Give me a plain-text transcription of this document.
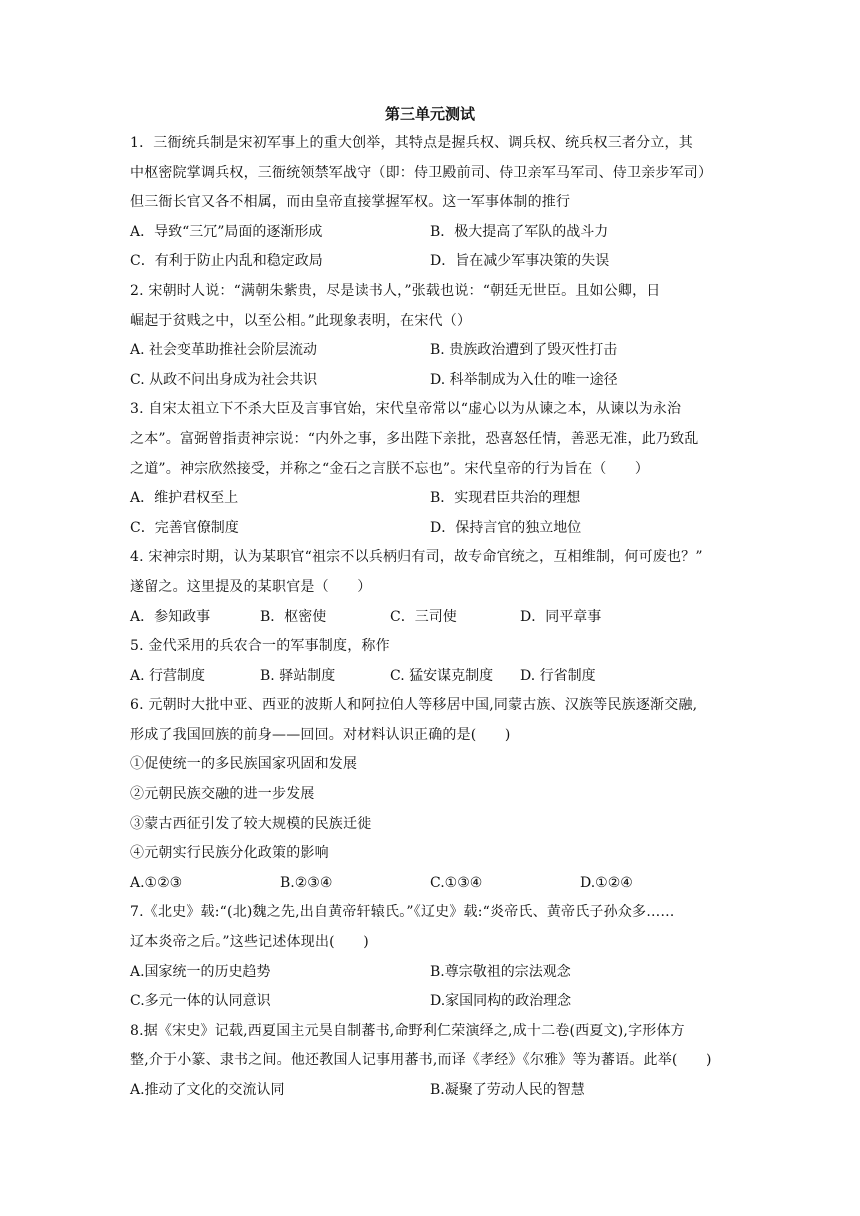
第三单元测试
1．三衙统兵制是宋初军事上的重大创举，其特点是握兵权、调兵权、统兵权三者分立，其
中枢密院掌调兵权，三衙统领禁军战守（即：侍卫殿前司、侍卫亲军马军司、侍卫亲步军司）
但三衙长官又各不相属，而由皇帝直接掌握军权。这一军事体制的推行
A．导致“三冗”局面的逐渐形成	B．极大提高了军队的战斗力
C．有利于防止内乱和稳定政局	D．旨在减少军事决策的失误
2. 宋朝时人说：“满朝朱紫贵，尽是读书人，”张载也说：“朝廷无世臣。且如公卿，日
崛起于贫贱之中，以至公相。”此现象表明，在宋代（）
A. 社会变革助推社会阶层流动	B. 贵族政治遭到了毁灭性打击
C. 从政不问出身成为社会共识	D. 科举制成为入仕的唯一途径
3. 自宋太祖立下不杀大臣及言事官始，宋代皇帝常以“虚心以为从谏之本，从谏以为永治
之本”。富弼曾指责神宗说：“内外之事，多出陛下亲批，恐喜怒任情，善恶无准，此乃致乱
之道”。神宗欣然接受，并称之“金石之言朕不忘也”。宋代皇帝的行为旨在（　　）
A．维护君权至上	B．实现君臣共治的理想
C．完善官僚制度	D．保持言官的独立地位
4. 宋神宗时期，认为某职官“祖宗不以兵柄归有司，故专命官统之，互相维制，何可废也？”
遂留之。这里提及的某职官是（　　）
A．参知政事	B．枢密使	C．三司使	D．同平章事
5. 金代采用的兵农合一的军事制度，称作
A. 行营制度	B. 驿站制度	C. 猛安谋克制度 D. 行省制度
6. 元朝时大批中亚、西亚的波斯人和阿拉伯人等移居中国,同蒙古族、汉族等民族逐渐交融,
形成了我国回族的前身——回回。对材料认识正确的是(　　)
①促使统一的多民族国家巩固和发展
②元朝民族交融的进一步发展
③蒙古西征引发了较大规模的民族迁徙
④元朝实行民族分化政策的影响
A.①②③	B.②③④	C.①③④	D.①②④
7.《北史》载:“(北)魏之先,出自黄帝轩辕氏。”《辽史》载:“炎帝氏、黄帝氏子孙众多……
辽本炎帝之后。”这些记述体现出(　　)
A.国家统一的历史趋势	B.尊宗敬祖的宗法观念
C.多元一体的认同意识	D.家国同构的政治理念
8.据《宋史》记载,西夏国主元昊自制蕃书,命野利仁荣演绎之,成十二卷(西夏文),字形体方
整,介于小篆、隶书之间。他还教国人记事用蕃书,而译《孝经》《尔雅》等为蕃语。此举(　　)
A.推动了文化的交流认同	B.凝聚了劳动人民的智慧
